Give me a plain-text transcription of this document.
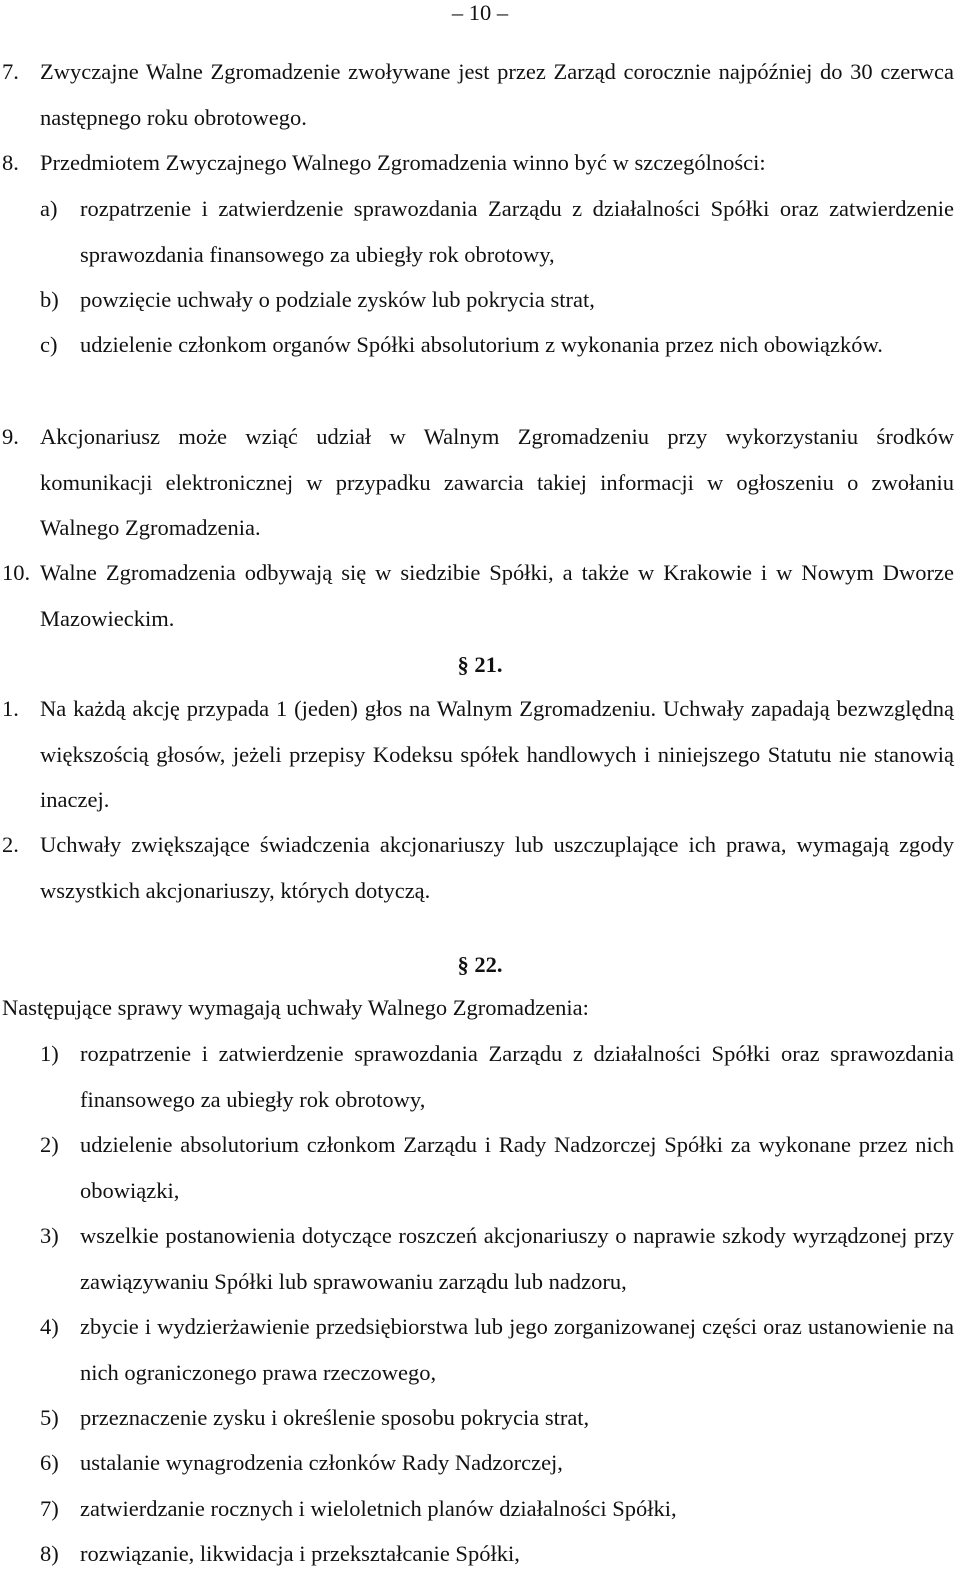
– 10 –
7. Zwyczajne Walne Zgromadzenie zwoływane jest przez Zarząd corocznie najpóźniej do 30 czerwca następnego roku obrotowego.
8. Przedmiotem Zwyczajnego Walnego Zgromadzenia winno być w szczególności:
a) rozpatrzenie i zatwierdzenie sprawozdania Zarządu z działalności Spółki oraz zatwierdzenie sprawozdania finansowego za ubiegły rok obrotowy,
b) powzięcie uchwały o podziale zysków lub pokrycia strat,
c) udzielenie członkom organów Spółki absolutorium z wykonania przez nich obowiązków.
9. Akcjonariusz może wziąć udział w Walnym Zgromadzeniu przy wykorzystaniu środków komunikacji elektronicznej w przypadku zawarcia takiej informacji w ogłoszeniu o zwołaniu Walnego Zgromadzenia.
10. Walne Zgromadzenia odbywają się w siedzibie Spółki, a także w Krakowie i w Nowym Dworze Mazowieckim.
§ 21.
1. Na każdą akcję przypada 1 (jeden) głos na Walnym Zgromadzeniu. Uchwały zapadają bezwzględną większością głosów, jeżeli przepisy Kodeksu spółek handlowych i niniejszego Statutu nie stanowią inaczej.
2. Uchwały zwiększające świadczenia akcjonariuszy lub uszczuplające ich prawa, wymagają zgody wszystkich akcjonariuszy, których dotyczą.
§ 22.
Następujące sprawy wymagają uchwały Walnego Zgromadzenia:
1) rozpatrzenie i zatwierdzenie sprawozdania Zarządu z działalności Spółki oraz sprawozdania finansowego za ubiegły rok obrotowy,
2) udzielenie absolutorium członkom Zarządu i Rady Nadzorczej Spółki za wykonane przez nich obowiązki,
3) wszelkie postanowienia dotyczące roszczeń akcjonariuszy o naprawie szkody wyrządzonej przy zawiązywaniu Spółki lub sprawowaniu zarządu lub nadzoru,
4) zbycie i wydzierżawienie przedsiębiorstwa lub jego zorganizowanej części oraz ustanowienie na nich ograniczonego prawa rzeczowego,
5) przeznaczenie zysku i określenie sposobu pokrycia strat,
6) ustalanie wynagrodzenia członków Rady Nadzorczej,
7) zatwierdzanie rocznych i wieloletnich planów działalności Spółki,
8) rozwiązanie, likwidacja i przekształcanie Spółki,
